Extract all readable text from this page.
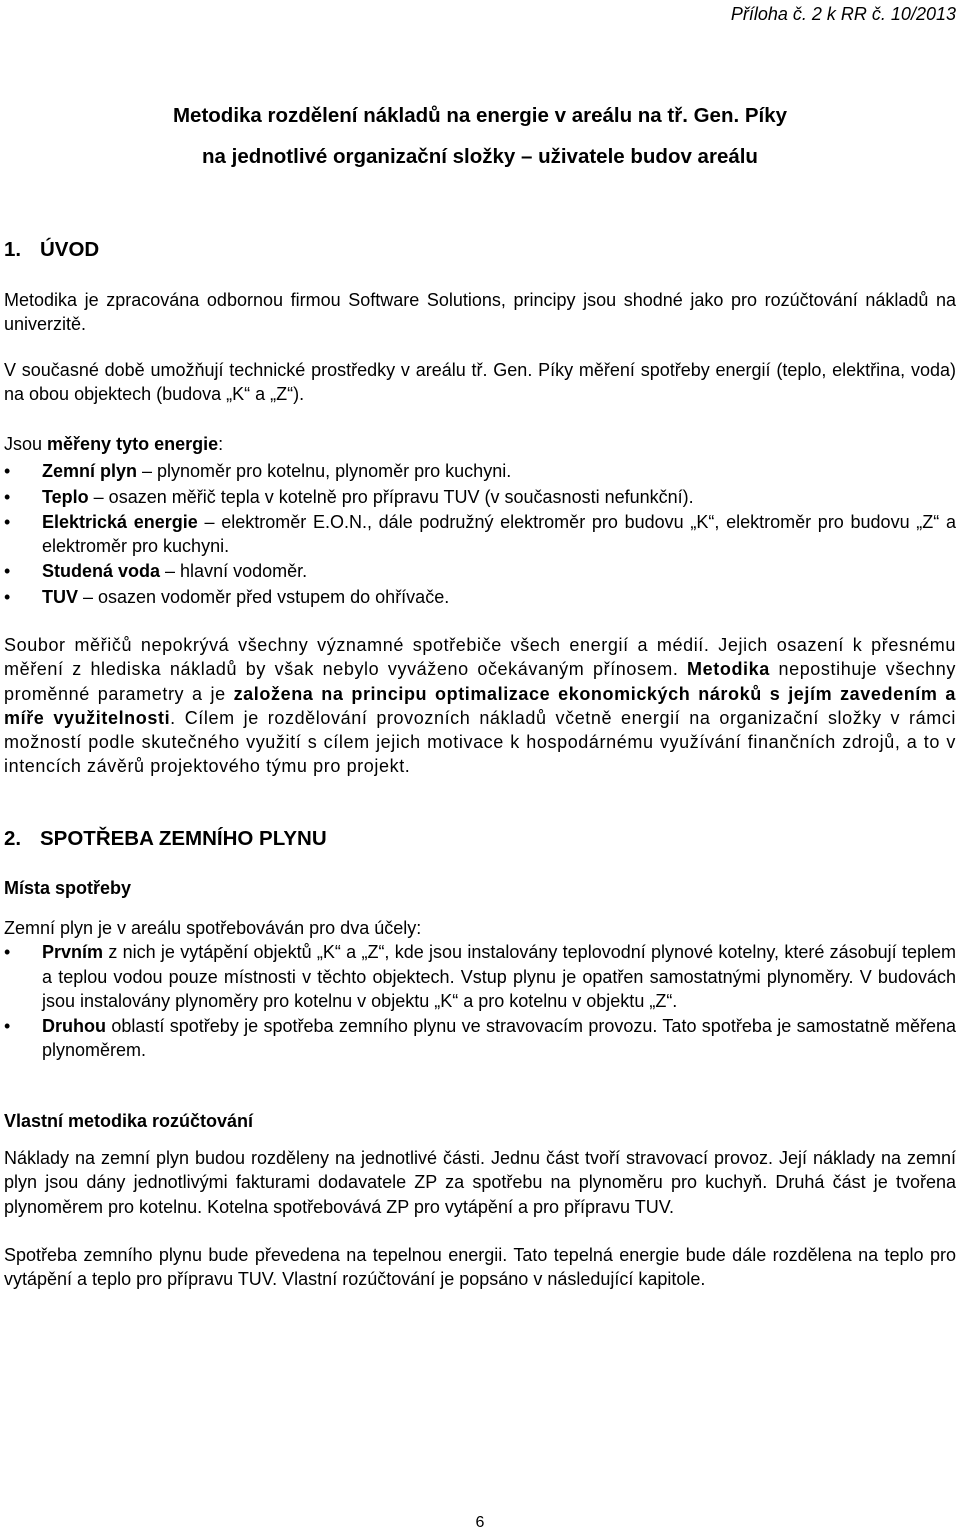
Příloha č. 2 k RR č. 10/2013
Metodika rozdělení nákladů na energie v areálu na tř. Gen. Píky
na jednotlivé organizační složky – uživatele budov areálu
1. ÚVOD
Metodika je zpracována odbornou firmou Software Solutions, principy jsou shodné jako pro rozúčtování nákladů na univerzitě.
V současné době umožňují technické prostředky v areálu tř. Gen. Píky měření spotřeby energií (teplo, elektřina, voda) na obou objektech (budova „K“ a „Z“).
Jsou měřeny tyto energie:
• Zemní plyn – plynoměr pro kotelnu, plynoměr pro kuchyni.
• Teplo – osazen měřič tepla v kotelně pro přípravu TUV (v současnosti nefunkční).
• Elektrická energie – elektroměr E.O.N., dále podružný elektroměr pro budovu „K“, elektroměr pro budovu „Z“ a elektroměr pro kuchyni.
• Studená voda – hlavní vodoměr.
• TUV – osazen vodoměr před vstupem do ohřívače.
Soubor měřičů nepokrývá všechny významné spotřebiče všech energií a médií. Jejich osazení k přesnému měření z hlediska nákladů by však nebylo vyváženo očekávaným přínosem. Metodika nepostihuje všechny proměnné parametry a je založena na principu optimalizace ekonomických nároků s jejím zavedením a míře využitelnosti. Cílem je rozdělování provozních nákladů včetně energií na organizační složky v rámci možností podle skutečného využití s cílem jejich motivace k hospodárnému využívání finančních zdrojů, a to v intencích závěrů projektového týmu pro projekt.
2. SPOTŘEBA ZEMNÍHO PLYNU
Místa spotřeby
Zemní plyn je v areálu spotřebováván pro dva účely:
• Prvním z nich je vytápění objektů „K“ a „Z“, kde jsou instalovány teplovodní plynové kotelny, které zásobují teplem a teplou vodou pouze místnosti v těchto objektech. Vstup plynu je opatřen samostatnými plynoměry. V budovách jsou instalovány plynoměry pro kotelnu v objektu „K“ a pro kotelnu v objektu „Z“.
• Druhou oblastí spotřeby je spotřeba zemního plynu ve stravovacím provozu. Tato spotřeba je samostatně měřena plynoměrem.
Vlastní metodika rozúčtování
Náklady na zemní plyn budou rozděleny na jednotlivé části. Jednu část tvoří stravovací provoz. Její náklady na zemní plyn jsou dány jednotlivými fakturami dodavatele ZP za spotřebu na plynoměru pro kuchyň. Druhá část je tvořena plynoměrem pro kotelnu. Kotelna spotřebovává ZP pro vytápění a pro přípravu TUV.
Spotřeba zemního plynu bude převedena na tepelnou energii. Tato tepelná energie bude dále rozdělena na teplo pro vytápění a teplo pro přípravu TUV. Vlastní rozúčtování je popsáno v následující kapitole.
6
